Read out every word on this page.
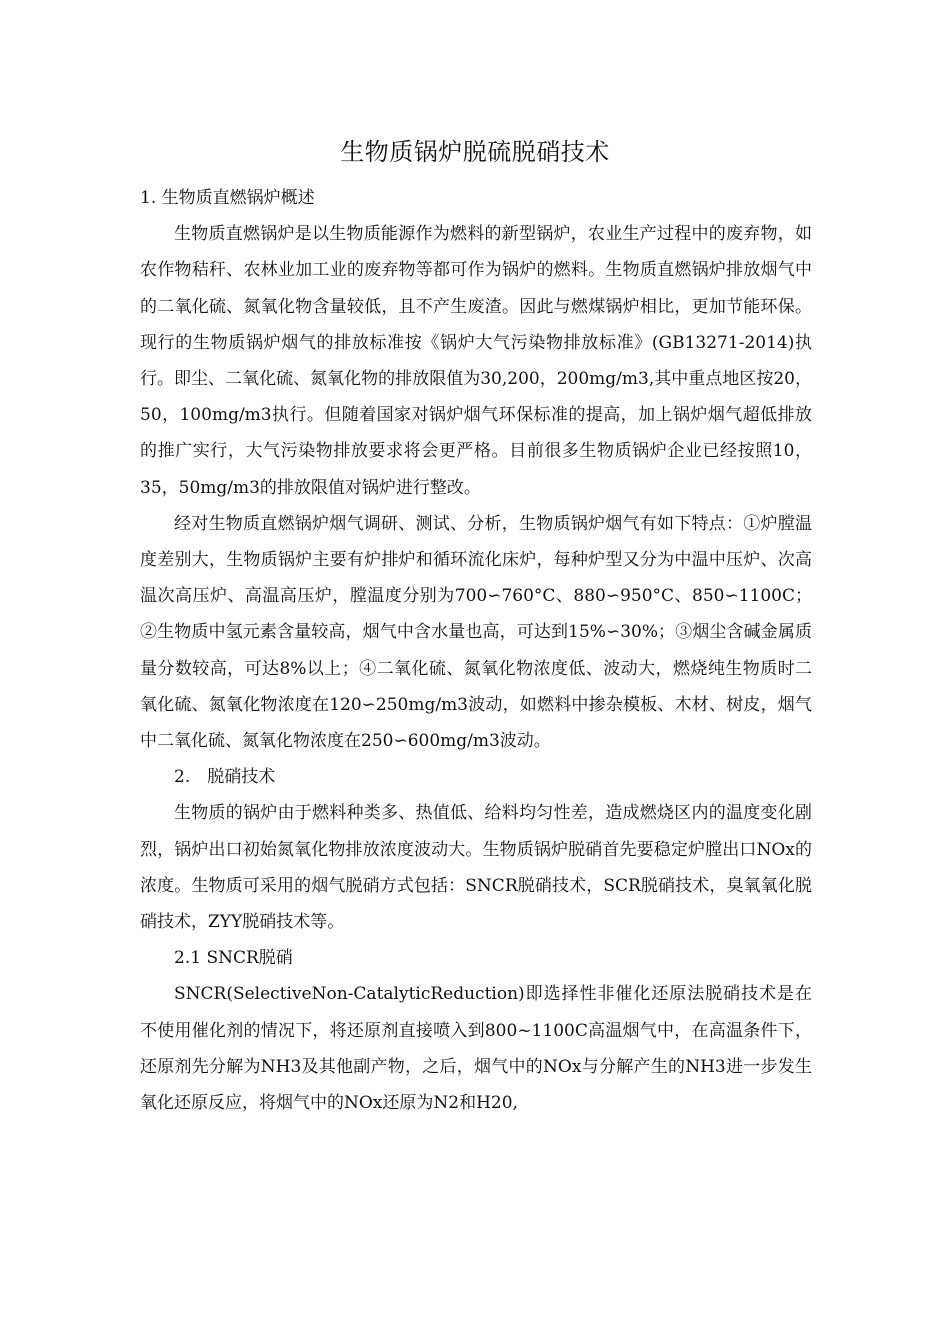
生物质锅炉脱硫脱硝技术

1. 生物质直燃锅炉概述

生物质直燃锅炉是以生物质能源作为燃料的新型锅炉，农业生产过程中的废弃物，如农作物秸秆、农林业加工业的废弃物等都可作为锅炉的燃料。生物质直燃锅炉排放烟气中的二氧化硫、氮氧化物含量较低，且不产生废渣。因此与燃煤锅炉相比，更加节能环保。现行的生物质锅炉烟气的排放标准按《锅炉大气污染物排放标准》(GB13271-2014)执行。即尘、二氧化硫、氮氧化物的排放限值为30,200，200mg/m3,其中重点地区按20，50，100mg/m3执行。但随着国家对锅炉烟气环保标准的提高，加上锅炉烟气超低排放的推广实行，大气污染物排放要求将会更严格。目前很多生物质锅炉企业已经按照10，35，50mg/m3的排放限值对锅炉进行整改。

经对生物质直燃锅炉烟气调研、测试、分析，生物质锅炉烟气有如下特点：①炉膛温度差别大，生物质锅炉主要有炉排炉和循环流化床炉，每种炉型又分为中温中压炉、次高温次高压炉、高温高压炉，膛温度分别为700∽760°C、880∽950°C、850∽1100C；②生物质中氢元素含量较高，烟气中含水量也高，可达到15%∽30%；③烟尘含碱金属质量分数较高，可达8%以上；④二氧化硫、氮氧化物浓度低、波动大，燃烧纯生物质时二氧化硫、氮氧化物浓度在120∽250mg/m3波动，如燃料中掺杂模板、木材、树皮，烟气中二氧化硫、氮氧化物浓度在250∽600mg/m3波动。

2.　脱硝技术

生物质的锅炉由于燃料种类多、热值低、给料均匀性差，造成燃烧区内的温度变化剧烈，锅炉出口初始氮氧化物排放浓度波动大。生物质锅炉脱硝首先要稳定炉膛出口NOx的浓度。生物质可采用的烟气脱硝方式包括：SNCR脱硝技术，SCR脱硝技术，臭氧氧化脱硝技术，ZYY脱硝技术等。

2.1 SNCR脱硝

SNCR(SelectiveNon-CatalyticReduction)即选择性非催化还原法脱硝技术是在不使用催化剂的情况下，将还原剂直接喷入到800~1100C高温烟气中，在高温条件下，还原剂先分解为NH3及其他副产物，之后，烟气中的NOx与分解产生的NH3进一步发生氧化还原反应，将烟气中的NOx还原为N2和H20,
